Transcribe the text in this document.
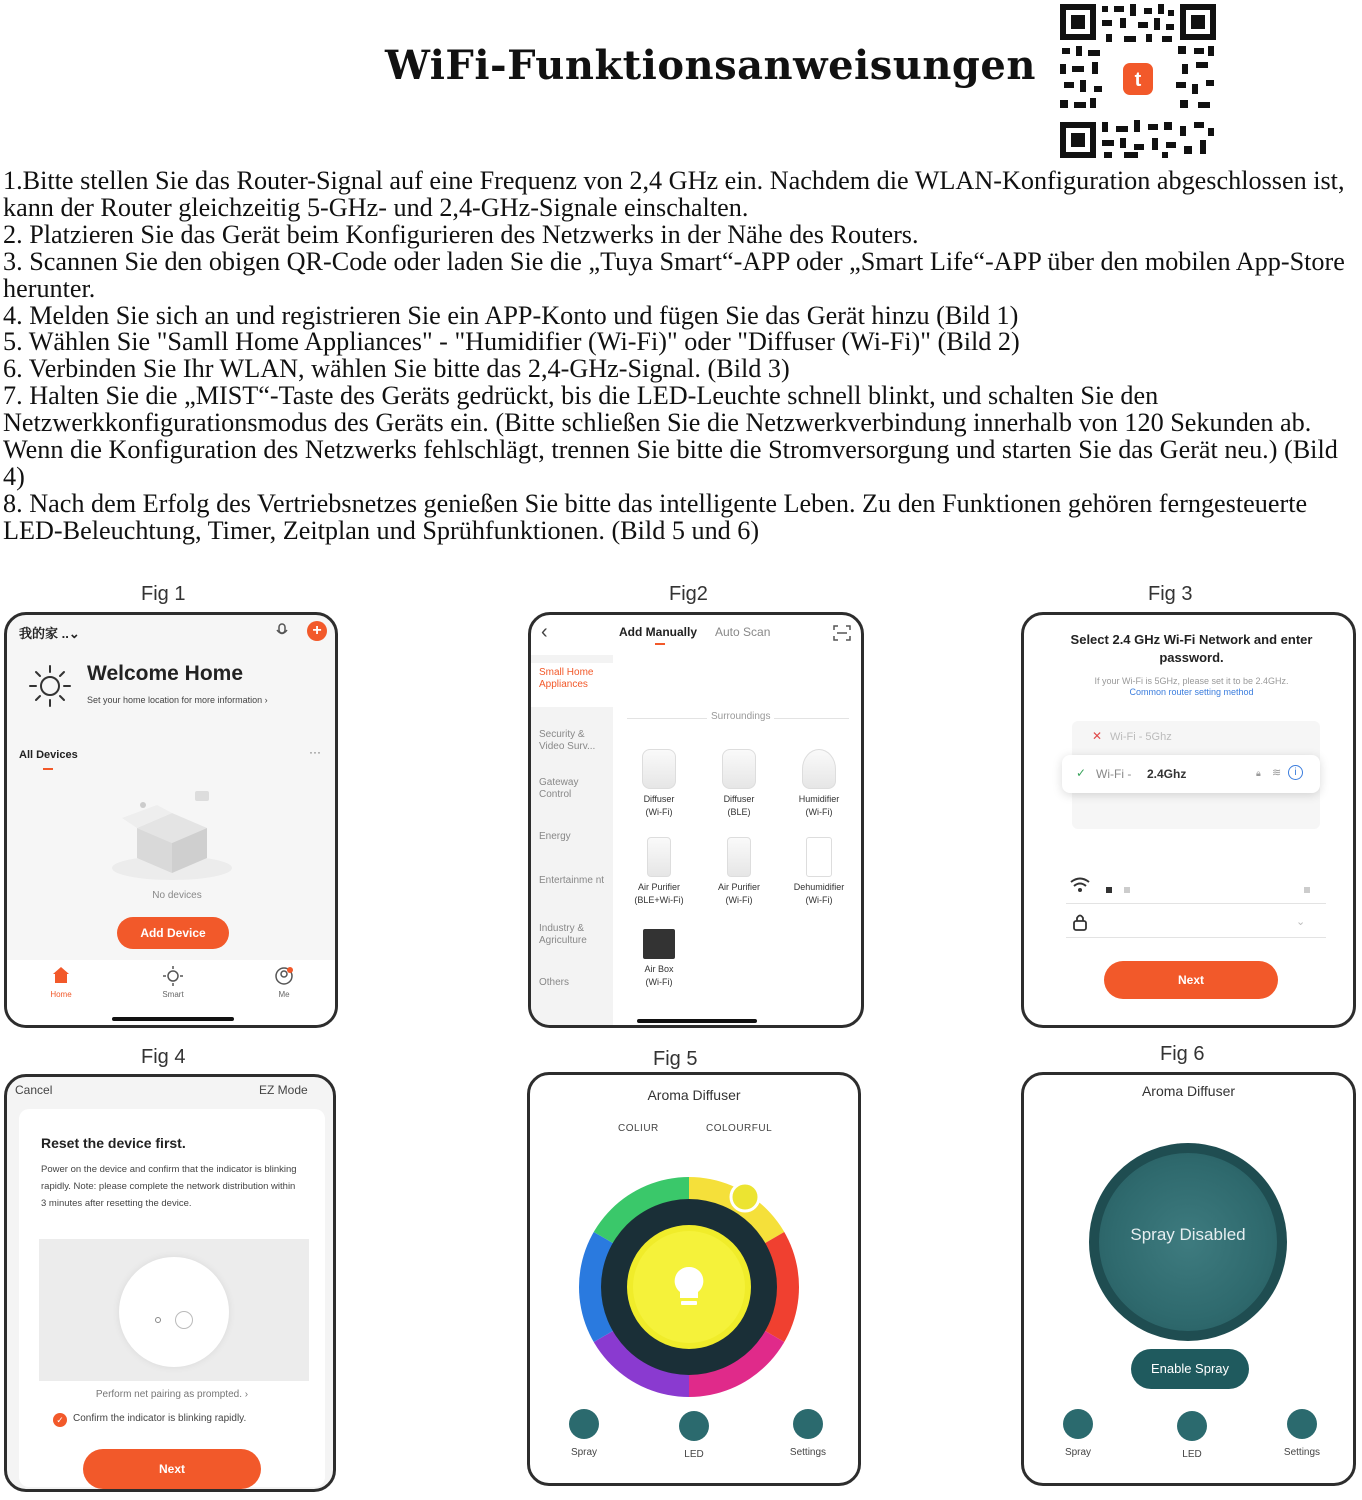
WiFi-Funktionsanweisungen	t

1.Bitte stellen Sie das Router-Signal auf eine Frequenz von 2,4 GHz ein. Nachdem die WLAN-Konfiguration abgeschlossen ist, kann der Router gleichzeitig 5-GHz- und 2,4-GHz-Signale einschalten.

2. Platzieren Sie das Gerät beim Konfigurieren des Netzwerks in der Nähe des Routers.

3. Scannen Sie den obigen QR-Code oder laden Sie die „Tuya Smart“-APP oder „Smart Life“-APP über den mobilen App-Store herunter.

4. Melden Sie sich an und registrieren Sie ein APP-Konto und fügen Sie das Gerät hinzu (Bild 1)

5. Wählen Sie "Samll Home Appliances" - "Humidifier (Wi-Fi)" oder "Diffuser (Wi-Fi)" (Bild 2)

6. Verbinden Sie Ihr WLAN, wählen Sie bitte das 2,4-GHz-Signal. (Bild 3)

7. Halten Sie die „MIST“-Taste des Geräts gedrückt, bis die LED-Leuchte schnell blinkt, und schalten Sie den Netzwerkkonfigurationsmodus des Geräts ein. (Bitte schließen Sie die Netzwerkverbindung innerhalb von 120 Sekunden ab. Wenn die Konfiguration des Netzwerks fehlschlägt, trennen Sie bitte die Stromversorgung und starten Sie das Gerät neu.) (Bild 4)

8. Nach dem Erfolg des Vertriebsnetzes genießen Sie bitte das intelligente Leben. Zu den Funktionen gehören ferngesteuerte LED-Beleuchtung, Timer, Zeitplan und Sprühfunktionen. (Bild 5 und 6)

Fig 1	Fig2	Fig 3
Fig 4	Fig 5	Fig 6
我的家 ..⌄	+
Welcome Home
Set your home location for more information ›
All Devices	···
No devices
Add Device
Home	Smart	Me
‹	Add Manually Auto Scan
Small Home Appliances
Security & Video Surv...
Gateway Control
Energy
Entertainme nt
Industry & Agriculture
Others
Surroundings
Diffuser
(Wi-Fi)
Diffuser
(BLE)
Humidifier
(Wi-Fi)
Air Purifier
(BLE+Wi-Fi)
Air Purifier
(Wi-Fi)
Dehumidifier
(Wi-Fi)
Air Box
(Wi-Fi)
Select 2.4 GHz Wi-Fi Network and enter password.
If your Wi-Fi is 5GHz, please set it to be 2.4GHz.
Common router setting method
✕ Wi-Fi - 5Ghz
✓ Wi-Fi - 2.4Ghz	🔒︎ ≋	i
⌄
Next
Cancel	EZ Mode
Reset the device first.
Power on the device and confirm that the indicator is blinking rapidly. Note: please complete the network distribution within 3 minutes after resetting the device.
Perform net pairing as prompted. ›
✓ Confirm the indicator is blinking rapidly.
Next
Aroma Diffuser
COLIUR	COLOURFUL
Spray	LED	Settings
Aroma Diffuser
Spray Disabled
Enable Spray
Spray	LED	Settings
